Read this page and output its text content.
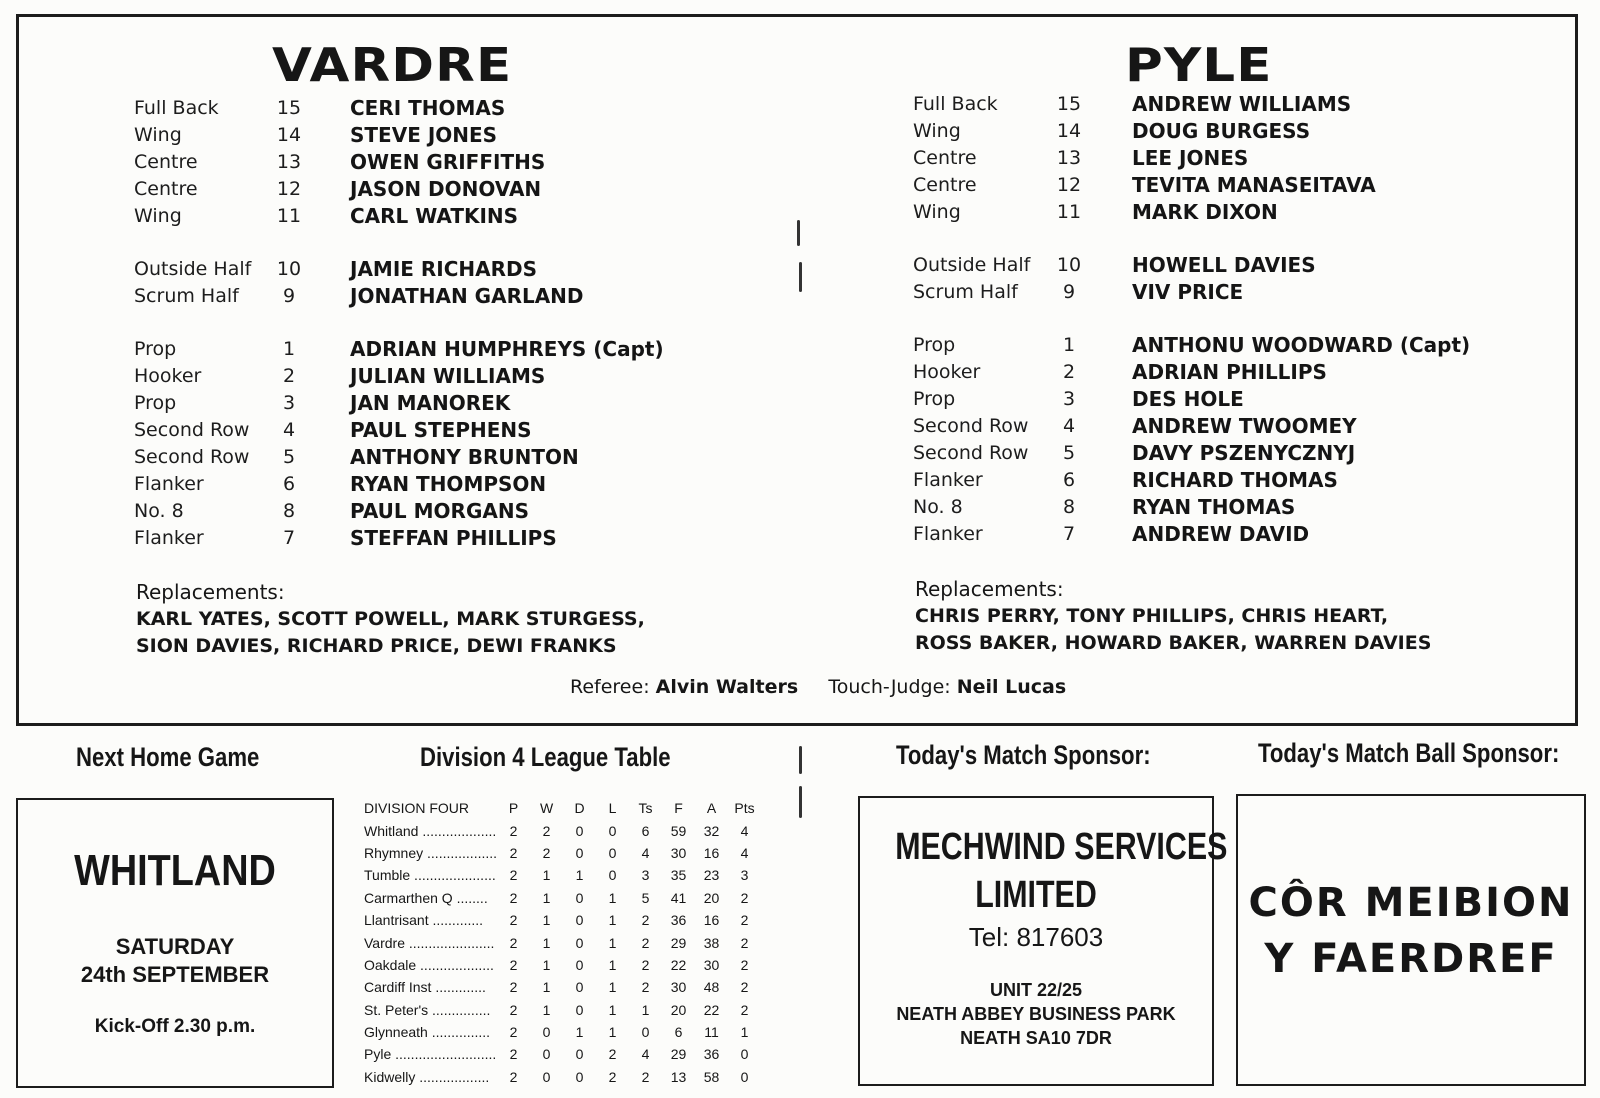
VARDRE
Full Back	15 CERI THOMAS
Wing	14 STEVE JONES
Centre	13 OWEN GRIFFITHS
Centre	12 JASON DONOVAN
Wing	11 CARL WATKINS
Outside Half 10 JAMIE RICHARDS
Scrum Half	9	JONATHAN GARLAND
Prop	1	ADRIAN HUMPHREYS (Capt)
Hooker	2	JULIAN WILLIAMS
Prop	3	JAN MANOREK
Second Row	4	PAUL STEPHENS
Second Row	5	ANTHONY BRUNTON
Flanker	6	RYAN THOMPSON
No. 8	8	PAUL MORGANS
Flanker	7	STEFFAN PHILLIPS
Replacements:
KARL YATES, SCOTT POWELL, MARK STURGESS,
SION DAVIES, RICHARD PRICE, DEWI FRANKS
PYLE
Full Back	15	ANDREW WILLIAMS
Wing	14	DOUG BURGESS
Centre	13	LEE JONES
Centre	12	TEVITA MANASEITAVA
Wing	11	MARK DIXON
Outside Half 10	HOWELL DAVIES
Scrum Half	9	VIV PRICE
Prop	1	ANTHONU WOODWARD (Capt)
Hooker	2	ADRIAN PHILLIPS
Prop	3	DES HOLE
Second Row	4	ANDREW TWOOMEY
Second Row	5	DAVY PSZENYCZNYJ
Flanker	6	RICHARD THOMAS
No. 8	8	RYAN THOMAS
Flanker	7	ANDREW DAVID
Replacements:
CHRIS PERRY, TONY PHILLIPS, CHRIS HEART,
ROSS BAKER, HOWARD BAKER, WARREN DAVIES
Referee: Alvin Walters Touch-Judge: Neil Lucas
Next Home Game
WHITLAND
SATURDAY
24th SEPTEMBER
Kick-Off 2.30 p.m.
Division 4 League Table
DIVISION FOUR	P	W	D	L	Ts	F	A	Pts
Whitland ...................	2	2	0	0	6	59	32	4
Rhymney ..................	2	2	0	0	4	30	16	4
Tumble .....................	2	1	1	0	3	35	23	3
Carmarthen Q ........	2	1	0	1	5	41	20	2
Llantrisant .............	2	1	0	1	2	36	16	2
Vardre ......................	2	1	0	1	2	29	38	2
Oakdale ...................	2	1	0	1	2	22	30	2
Cardiff Inst .............	2	1	0	1	2	30	48	2
St. Peter's ...............	2	1	0	1	1	20	22	2
Glynneath ...............	2	0	1	1	0	6	11	1
Pyle ..........................	2	0	0	2	4	29	36	0
Kidwelly ..................	2	0	0	2	2	13	58	0
Today's Match Sponsor:
MECHWIND SERVICES
LIMITED
Tel: 817603
UNIT 22/25
NEATH ABBEY BUSINESS PARK
NEATH SA10 7DR
Today's Match Ball Sponsor:
CÔR MEIBION
Y FAERDREF
